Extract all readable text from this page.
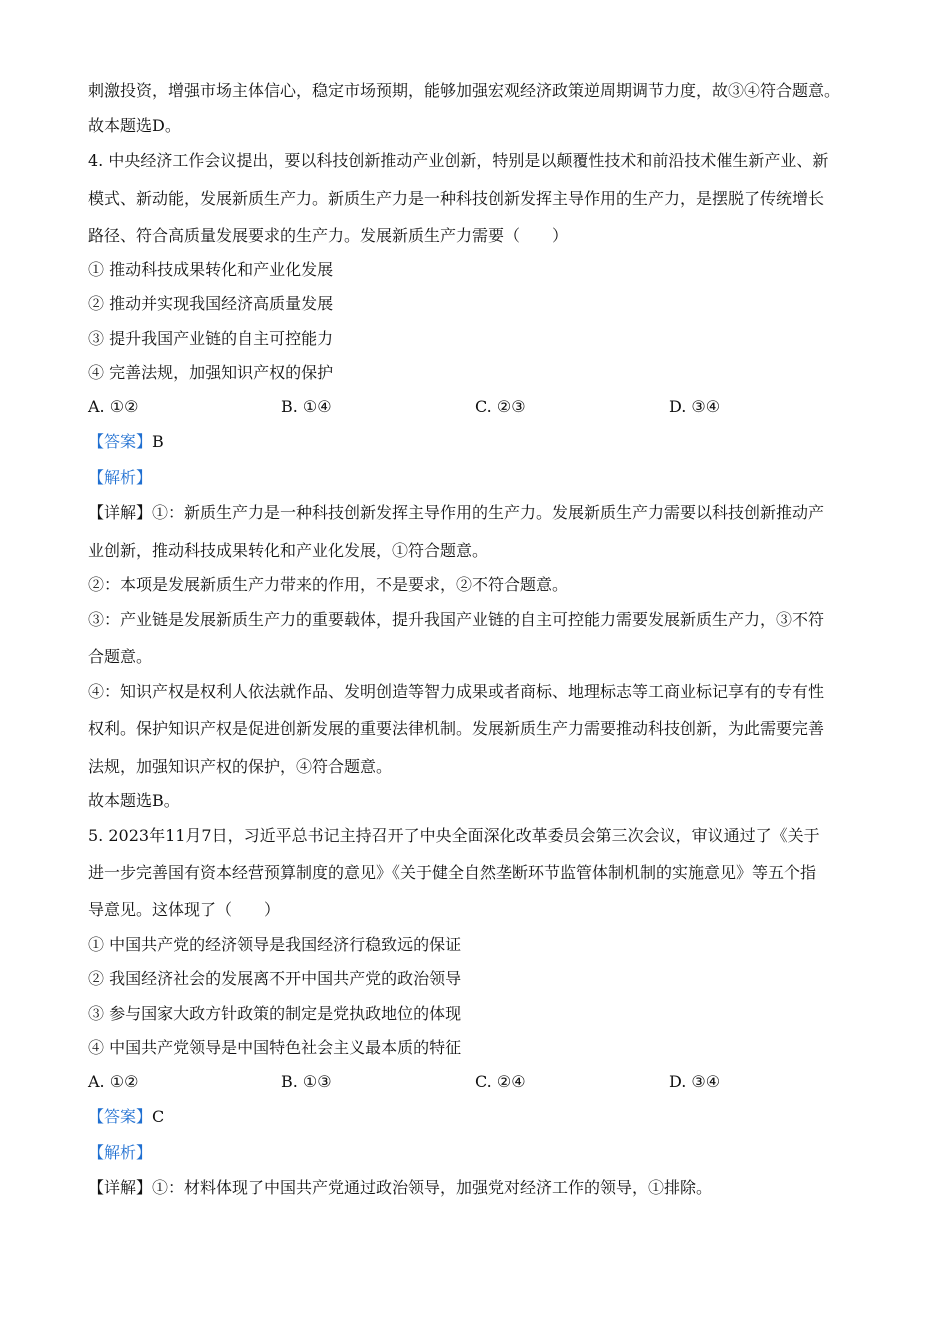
刺激投资，增强市场主体信心，稳定市场预期，能够加强宏观经济政策逆周期调节力度，故③④符合题意。
故本题选D。
4. 中央经济工作会议提出，要以科技创新推动产业创新，特别是以颠覆性技术和前沿技术催生新产业、新
模式、新动能，发展新质生产力。新质生产力是一种科技创新发挥主导作用的生产力，是摆脱了传统增长
路径、符合高质量发展要求的生产力。发展新质生产力需要（　　）
① 推动科技成果转化和产业化发展
② 推动并实现我国经济高质量发展
③ 提升我国产业链的自主可控能力
④ 完善法规，加强知识产权的保护
A. ①②	B. ①④	C. ②③	D. ③④
【答案】B
【解析】
【详解】①：新质生产力是一种科技创新发挥主导作用的生产力。发展新质生产力需要以科技创新推动产
业创新，推动科技成果转化和产业化发展，①符合题意。
②：本项是发展新质生产力带来的作用，不是要求，②不符合题意。
③：产业链是发展新质生产力的重要载体，提升我国产业链的自主可控能力需要发展新质生产力，③不符
合题意。
④：知识产权是权利人依法就作品、发明创造等智力成果或者商标、地理标志等工商业标记享有的专有性
权利。保护知识产权是促进创新发展的重要法律机制。发展新质生产力需要推动科技创新，为此需要完善
法规，加强知识产权的保护，④符合题意。
故本题选B。
5. 2023年11月7日，习近平总书记主持召开了中央全面深化改革委员会第三次会议，审议通过了《关于
进一步完善国有资本经营预算制度的意见》《关于健全自然垄断环节监管体制机制的实施意见》等五个指
导意见。这体现了（　　）
① 中国共产党的经济领导是我国经济行稳致远的保证
② 我国经济社会的发展离不开中国共产党的政治领导
③ 参与国家大政方针政策的制定是党执政地位的体现
④ 中国共产党领导是中国特色社会主义最本质的特征
A. ①②	B. ①③	C. ②④	D. ③④
【答案】C
【解析】
【详解】①：材料体现了中国共产党通过政治领导，加强党对经济工作的领导，①排除。
